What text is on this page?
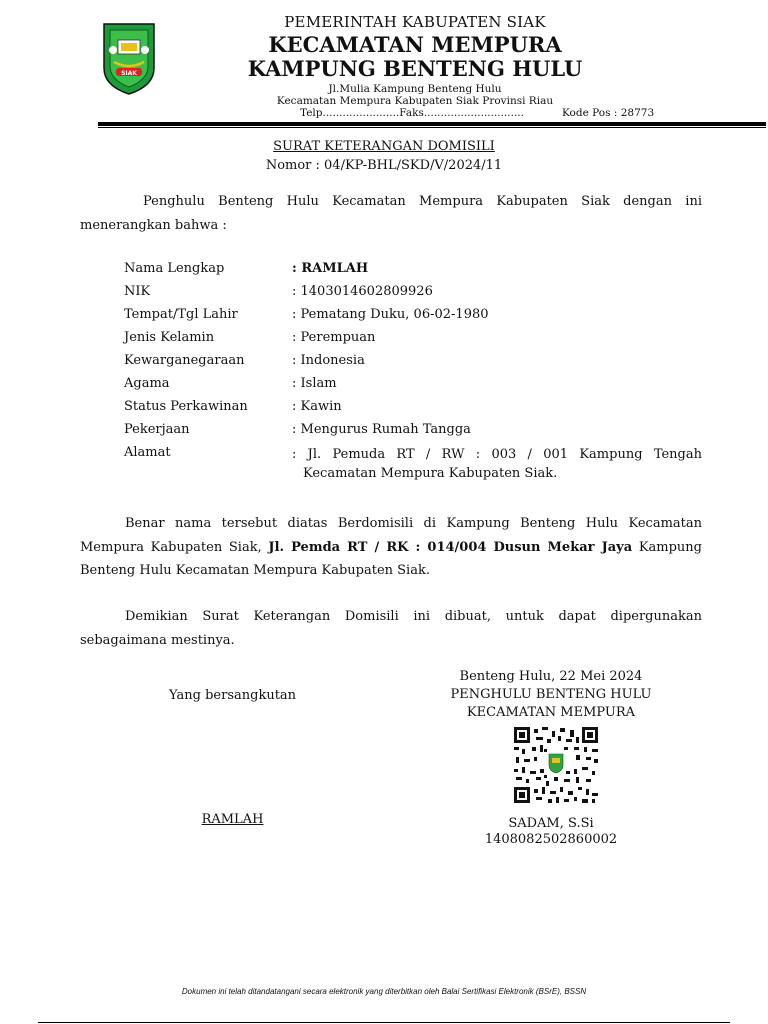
SIAK
PEMERINTAH KABUPATEN SIAK
KECAMATAN MEMPURA
KAMPUNG BENTENG HULU
Jl.Mulia Kampung Benteng Hulu
Kecamatan Mempura Kabupaten Siak Provinsi Riau
Telp.......................Faks..............................	Kode Pos : 28773
SURAT KETERANGAN DOMISILI
Nomor : 04/KP-BHL/SKD/V/2024/11
Penghulu Benteng Hulu Kecamatan Mempura Kabupaten Siak dengan ini menerangkan bahwa :
Nama Lengkap	: RAMLAH
NIK	: 1403014602809926
Tempat/Tgl Lahir	: Pematang Duku, 06-02-1980
Jenis Kelamin	: Perempuan
Kewarganegaraan	: Indonesia
Agama	: Islam
Status Perkawinan	: Kawin
Pekerjaan	: Mengurus Rumah Tangga
Alamat	: Jl. Pemuda RT / RW : 003 / 001 Kampung Tengah
Kecamatan Mempura Kabupaten Siak.
Benar nama tersebut diatas Berdomisili di Kampung Benteng Hulu Kecamatan Mempura Kabupaten Siak, Jl. Pemda RT / RK : 014/004 Dusun Mekar Jaya Kampung Benteng Hulu Kecamatan Mempura Kabupaten Siak.
Demikian Surat Keterangan Domisili ini dibuat, untuk dapat dipergunakan sebagaimana mestinya.
Benteng Hulu, 22 Mei 2024
PENGHULU BENTENG HULU
KECAMATAN MEMPURA
Yang bersangkutan
RAMLAH	SADAM, S.Si
1408082502860002
Dokumen ini telah ditandatangani secara elektronik yang diterbitkan oleh Balai Sertifikasi Elektronik (BSrE), BSSN
